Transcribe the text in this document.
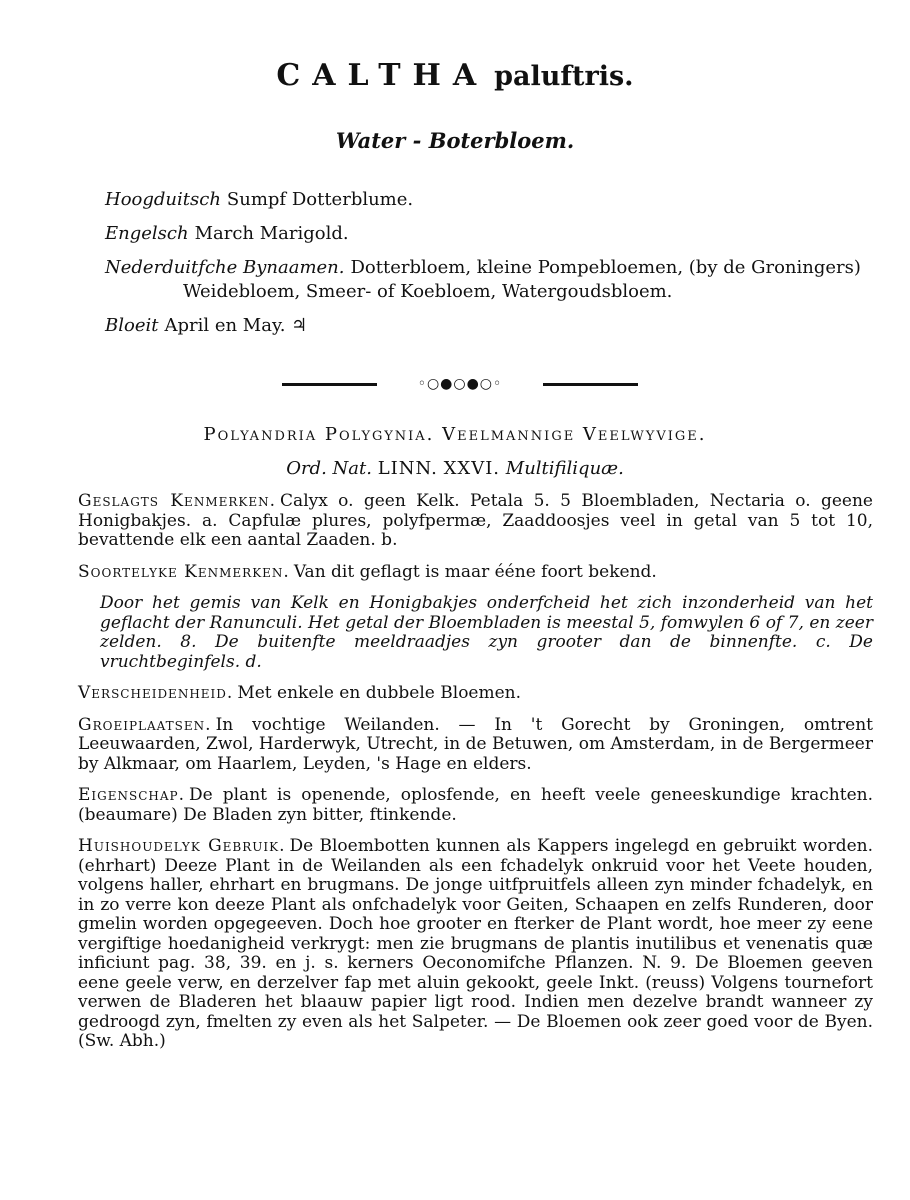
CALTHA paluftris.
Water - Boterbloem.
Hoogduitsch Sumpf Dotterblume.
Engelsch March Marigold.
Nederduitfche Bynaamen. Dotterbloem, kleine Pompebloemen, (by de Groningers)
Weidebloem, Smeer- of Koebloem, Watergoudsbloem.
Bloeit April en May. ♃
◦○●○●○◦
Polyandria Polygynia. Veelmannige Veelwyvige.
Ord. Nat. LINN. XXVI. Multifiliquæ.
Geslagts Kenmerken. Calyx o. geen Kelk. Petala 5. 5 Bloembladen, Nectaria o. geene Honigbakjes. a. Capfulæ plures, polyfpermæ, Zaaddoosjes veel in getal van 5 tot 10, bevattende elk een aantal Zaaden. b.
Soortelyke Kenmerken. Van dit geflagt is maar ééne foort bekend.
Door het gemis van Kelk en Honigbakjes onderfcheid het zich inzonderheid van het geflacht der Ranunculi. Het getal der Bloembladen is meestal 5, fomwylen 6 of 7, en zeer zelden. 8. De buitenfte meeldraadjes zyn grooter dan de binnenfte. c. De vruchtbeginfels. d.
Verscheidenheid. Met enkele en dubbele Bloemen.
Groeiplaatsen. In vochtige Weilanden. — In 't Gorecht by Groningen, omtrent Leeuwaarden, Zwol, Harderwyk, Utrecht, in de Betuwen, om Amsterdam, in de Bergermeer by Alkmaar, om Haarlem, Leyden, 's Hage en elders.
Eigenschap. De plant is openende, oplosfende, en heeft veele geneeskundige krachten. (beaumare) De Bladen zyn bitter, ftinkende.
Huishoudelyk Gebruik. De Bloembotten kunnen als Kappers ingelegd en gebruikt worden. (ehrhart) Deeze Plant in de Weilanden als een fchadelyk onkruid voor het Veete houden, volgens haller, ehrhart en brugmans. De jonge uitfpruitfels alleen zyn minder fchadelyk, en in zo verre kon deeze Plant als onfchadelyk voor Geiten, Schaapen en zelfs Runderen, door gmelin worden opgegeeven. Doch hoe grooter en fterker de Plant wordt, hoe meer zy eene vergiftige hoedanigheid verkrygt: men zie brugmans de plantis inutilibus et venenatis quæ inficiunt pag. 38, 39. en j. s. kerners Oeconomifche Pflanzen. N. 9. De Bloemen geeven eene geele verw, en derzelver fap met aluin gekookt, geele Inkt. (reuss) Volgens tournefort verwen de Bladeren het blaauw papier ligt rood. Indien men dezelve brandt wanneer zy gedroogd zyn, fmelten zy even als het Salpeter. — De Bloemen ook zeer goed voor de Byen. (Sw. Abh.)
